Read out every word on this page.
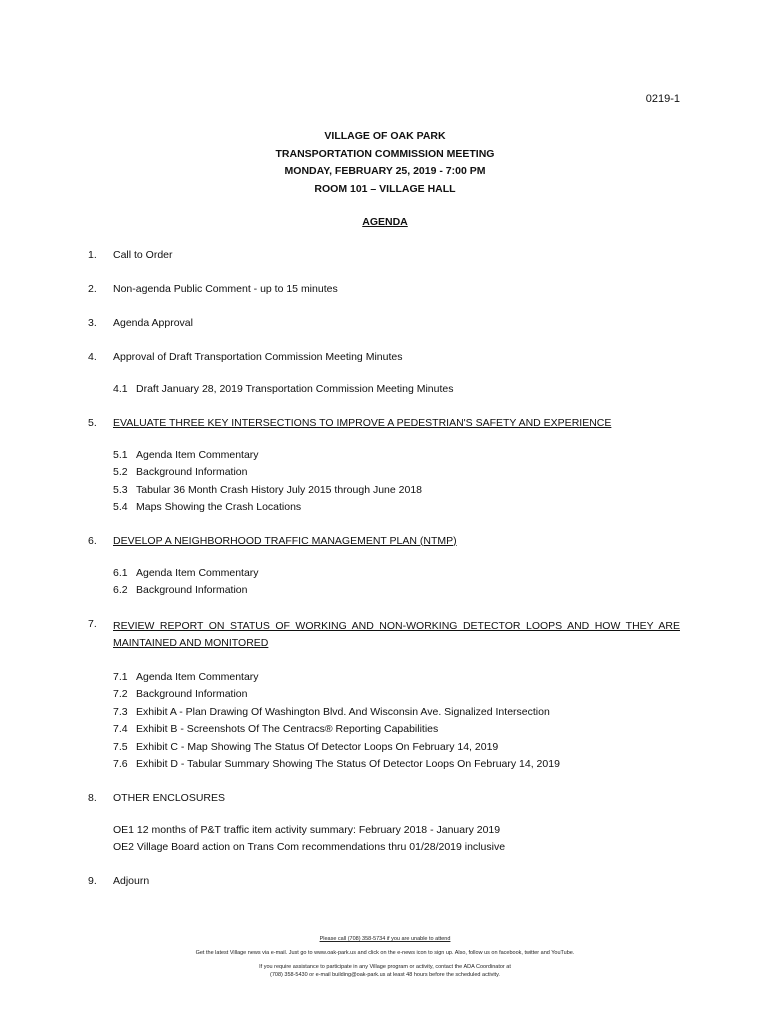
0219-1
VILLAGE OF OAK PARK
TRANSPORTATION COMMISSION MEETING
MONDAY, FEBRUARY 25, 2019 - 7:00 PM
ROOM 101 – VILLAGE HALL
AGENDA
1.	Call to Order
2.	Non-agenda Public Comment - up to 15 minutes
3.	Agenda Approval
4.	Approval of Draft Transportation Commission Meeting Minutes
4.1 Draft January 28, 2019 Transportation Commission Meeting Minutes
5.	EVALUATE THREE KEY INTERSECTIONS TO IMPROVE A PEDESTRIAN'S SAFETY AND EXPERIENCE
5.1 Agenda Item Commentary
5.2 Background Information
5.3 Tabular 36 Month Crash History July 2015 through June 2018
5.4 Maps Showing the Crash Locations
6.	DEVELOP A NEIGHBORHOOD TRAFFIC MANAGEMENT PLAN (NTMP)
6.1 Agenda Item Commentary
6.2 Background Information
7.	REVIEW REPORT ON STATUS OF WORKING AND NON-WORKING DETECTOR LOOPS AND HOW THEY ARE MAINTAINED AND MONITORED
7.1 Agenda Item Commentary
7.2 Background Information
7.3 Exhibit A - Plan Drawing Of Washington Blvd. And Wisconsin Ave. Signalized Intersection
7.4 Exhibit B - Screenshots Of The Centracs® Reporting Capabilities
7.5 Exhibit C - Map Showing The Status Of Detector Loops On February 14, 2019
7.6 Exhibit D - Tabular Summary Showing The Status Of Detector Loops On February 14, 2019
8.	OTHER ENCLOSURES
OE1 12 months of P&T traffic item activity summary: February 2018 - January 2019
OE2 Village Board action on Trans Com recommendations thru 01/28/2019 inclusive
9.	Adjourn
Please call (708) 358-5734 if you are unable to attend
Get the latest Village news via e-mail. Just go to www.oak-park.us and click on the e-news icon to sign up. Also, follow us on facebook, twitter and YouTube.
If you require assistance to participate in any Village program or activity, contact the ADA Coordinator at
(708) 358-5430 or e-mail building@oak-park.us at least 48 hours before the scheduled activity.
